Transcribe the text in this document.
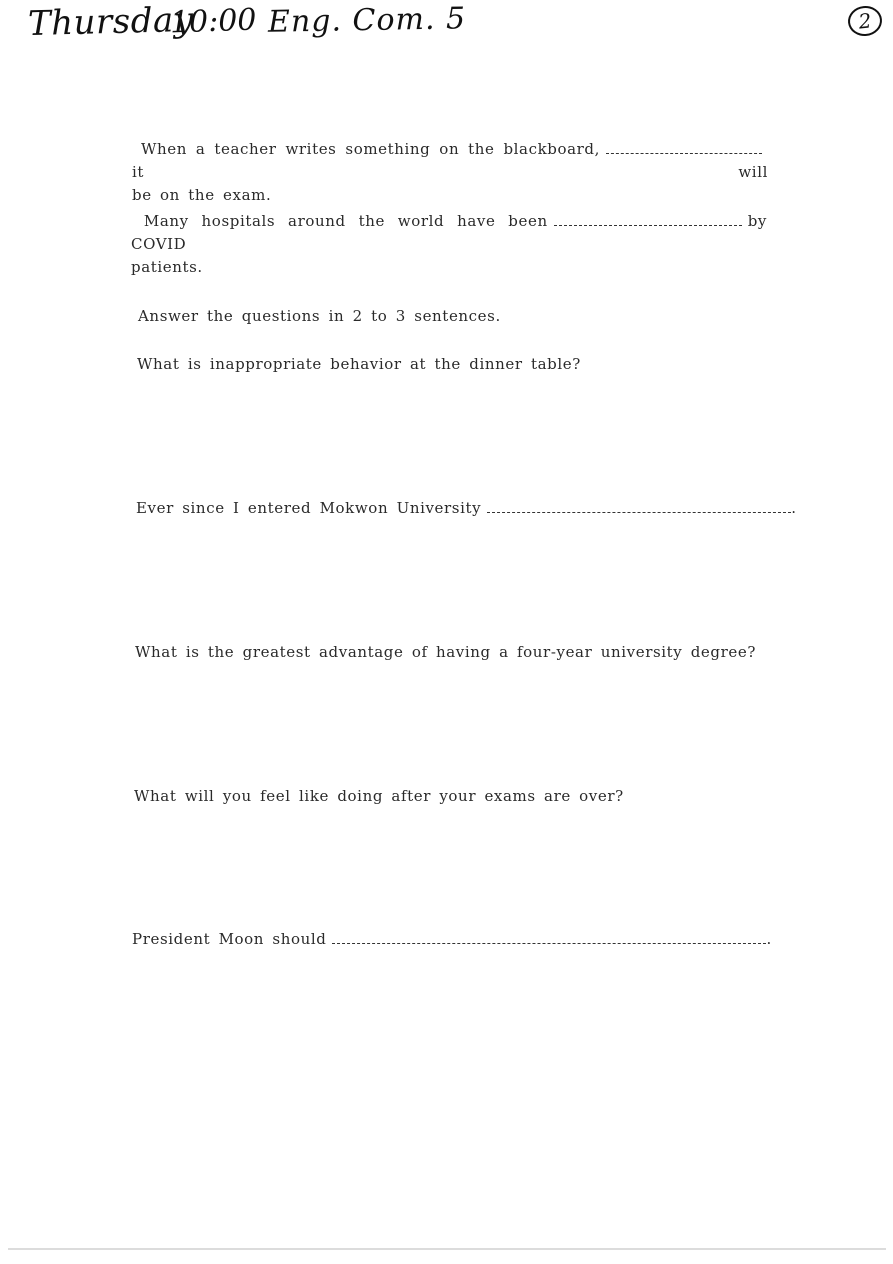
Thursday
10:00 Eng. Com. 5	2
When a teacher writes something on the blackboard,it will
be on the exam.
Many hospitals around the world have been	by COVID
patients.
Answer the questions in 2 to 3 sentences.
What is inappropriate behavior at the dinner table?
Ever since I entered Mokwon University	.
What is the greatest advantage of having a four-year university degree?
What will you feel like doing after your exams are over?
President Moon should	.
